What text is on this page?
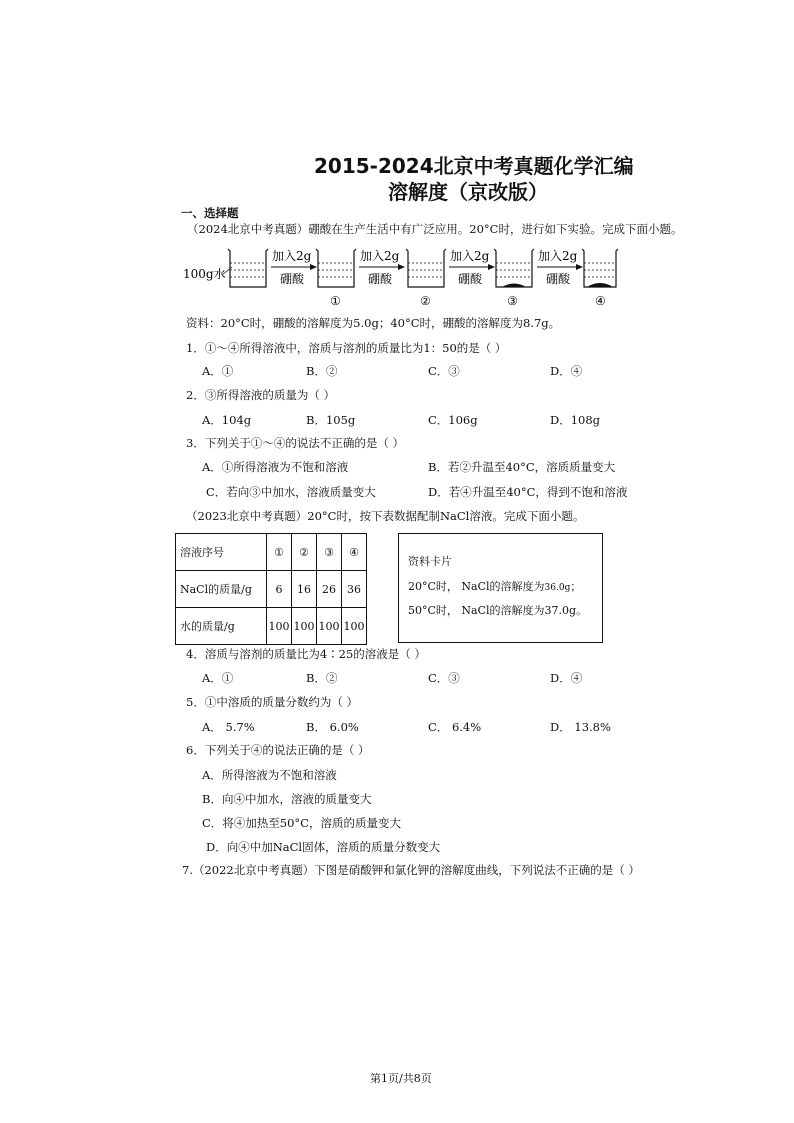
2015-2024北京中考真题化学汇编
溶解度（京改版）
一、选择题
（2024北京中考真题）硼酸在生产生活中有广泛应用。20°C时，进行如下实验。完成下面小题。
100g水
加入2g
硼酸
①
加入2g
硼酸
②
加入2g
硼酸
③
加入2g
硼酸
④
资料：20°C时，硼酸的溶解度为5.0g；40°C时，硼酸的溶解度为8.7g。
1．①～④所得溶液中，溶质与溶剂的质量比为1：50的是（ ）
A．①	B．②	C．③	D．④
2．③所得溶液的质量为（ ）
A．104g	B．105g	C．106g	D．108g
3．下列关于①～④的说法不正确的是（ ）
A．①所得溶液为不饱和溶液	B．若②升温至40°C，溶质质量变大
C．若向③中加水，溶液质量变大	D．若④升温至40°C，得到不饱和溶液
（2023北京中考真题）20°C时，按下表数据配制NaCl溶液。完成下面小题。
溶液序号	①	②	③	④
NaCl的质量/g	6	16	26	36
水的质量/g	100	100	100	100
资料卡片
20°C时， NaCl的溶解度为36.0g；
50°C时， NaCl的溶解度为37.0g。
4．溶质与溶剂的质量比为4∶25的溶液是（ ）
A．①	B．②	C．③	D．④
5．①中溶质的质量分数约为（ ）
A． 5.7%	B． 6.0%	C． 6.4%	D． 13.8%
6．下列关于④的说法正确的是（ ）
A．所得溶液为不饱和溶液
B．向④中加水，溶液的质量变大
C．将④加热至50°C，溶质的质量变大
D．向④中加NaCl固体，溶质的质量分数变大
7.（2022北京中考真题）下图是硝酸钾和氯化钾的溶解度曲线，下列说法不正确的是（ ）
第1页/共8页
